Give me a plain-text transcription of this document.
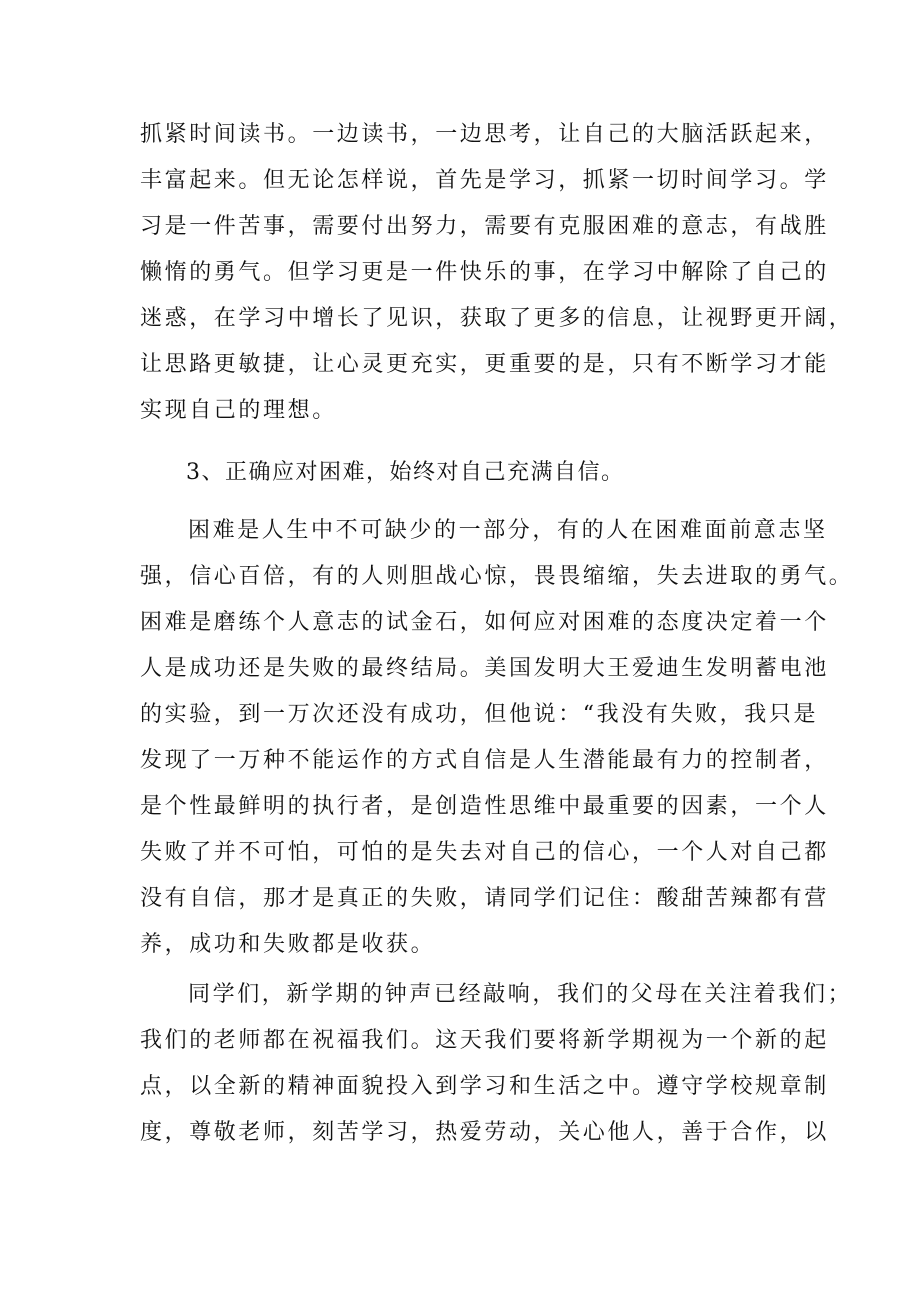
抓紧时间读书。一边读书，一边思考，让自己的大脑活跃起来，
丰富起来。但无论怎样说，首先是学习，抓紧一切时间学习。学
习是一件苦事，需要付出努力，需要有克服困难的意志，有战胜
懒惰的勇气。但学习更是一件快乐的事，在学习中解除了自己的
迷惑，在学习中增长了见识，获取了更多的信息，让视野更开阔，
让思路更敏捷，让心灵更充实，更重要的是，只有不断学习才能
实现自己的理想。
3、正确应对困难，始终对自己充满自信。
困难是人生中不可缺少的一部分，有的人在困难面前意志坚
强，信心百倍，有的人则胆战心惊，畏畏缩缩，失去进取的勇气。
困难是磨练个人意志的试金石，如何应对困难的态度决定着一个
人是成功还是失败的最终结局。美国发明大王爱迪生发明蓄电池
的实验，到一万次还没有成功，但他说：“我没有失败，我只是
发现了一万种不能运作的方式自信是人生潜能最有力的控制者，
是个性最鲜明的执行者，是创造性思维中最重要的因素，一个人
失败了并不可怕，可怕的是失去对自己的信心，一个人对自己都
没有自信，那才是真正的失败，请同学们记住：酸甜苦辣都有营
养，成功和失败都是收获。
同学们，新学期的钟声已经敲响，我们的父母在关注着我们；
我们的老师都在祝福我们。这天我们要将新学期视为一个新的起
点，以全新的精神面貌投入到学习和生活之中。遵守学校规章制
度，尊敬老师，刻苦学习，热爱劳动，关心他人，善于合作，以
